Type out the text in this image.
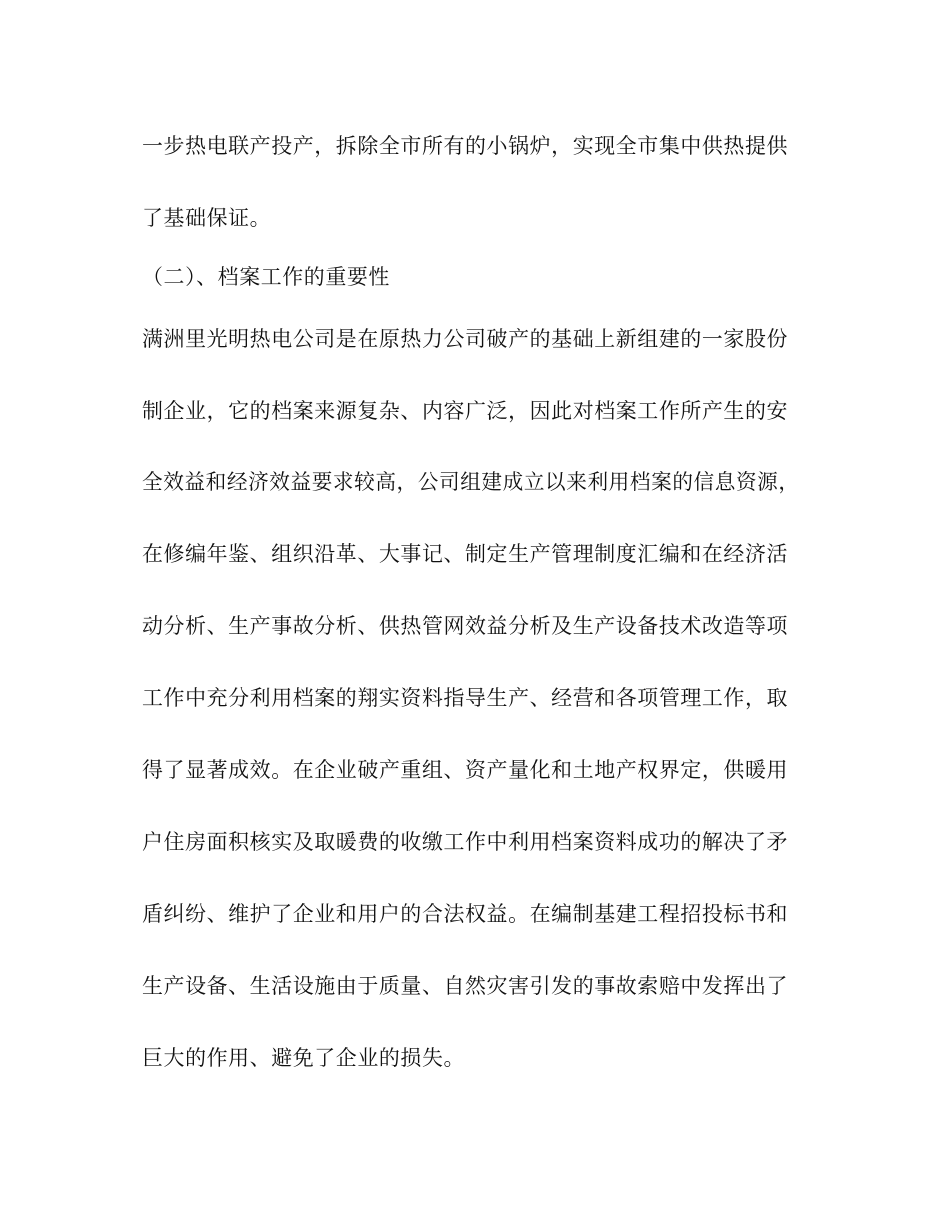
一步热电联产投产，拆除全市所有的小锅炉，实现全市集中供热提供
了基础保证。
（二）、档案工作的重要性
满洲里光明热电公司是在原热力公司破产的基础上新组建的一家股份
制企业，它的档案来源复杂、内容广泛，因此对档案工作所产生的安
全效益和经济效益要求较高，公司组建成立以来利用档案的信息资源，
在修编年鉴、组织沿革、大事记、制定生产管理制度汇编和在经济活
动分析、生产事故分析、供热管网效益分析及生产设备技术改造等项
工作中充分利用档案的翔实资料指导生产、经营和各项管理工作，取
得了显著成效。在企业破产重组、资产量化和土地产权界定，供暖用
户住房面积核实及取暖费的收缴工作中利用档案资料成功的解决了矛
盾纠纷、维护了企业和用户的合法权益。在编制基建工程招投标书和
生产设备、生活设施由于质量、自然灾害引发的事故索赔中发挥出了
巨大的作用、避免了企业的损失。
